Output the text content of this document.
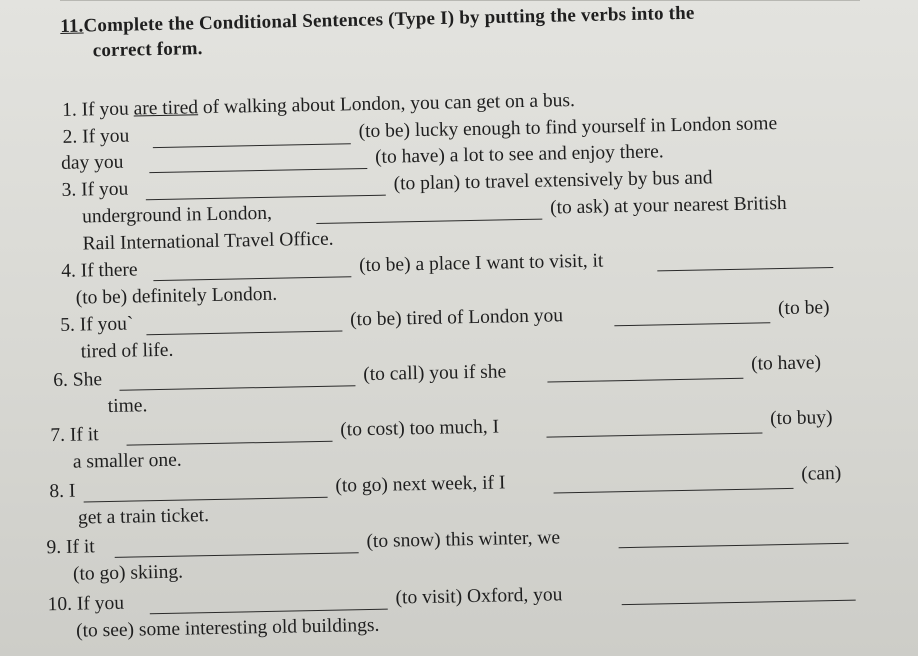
11.Complete the Conditional Sentences (Type I) by putting the verbs into the
correct form.
1. If you are tired of walking about London, you can get on a bus.
2. If you	(to be) lucky enough to find yourself in London some
day you	(to have) a lot to see and enjoy there.
3. If you	(to plan) to travel extensively by bus and
underground in London,	(to ask) at your nearest British
Rail International Travel Office.
4. If there	(to be) a place I want to visit, it
(to be) definitely London.
5. If you`	(to be) tired of London you	(to be)
tired of life.
6. She	(to call) you if she	(to have)
time.
7. If it	(to cost) too much, I	(to buy)
a smaller one.
8. I	(to go) next week, if I	(can)
get a train ticket.
9. If it	(to snow) this winter, we
(to go) skiing.
10. If you	(to visit) Oxford, you
(to see) some interesting old buildings.
